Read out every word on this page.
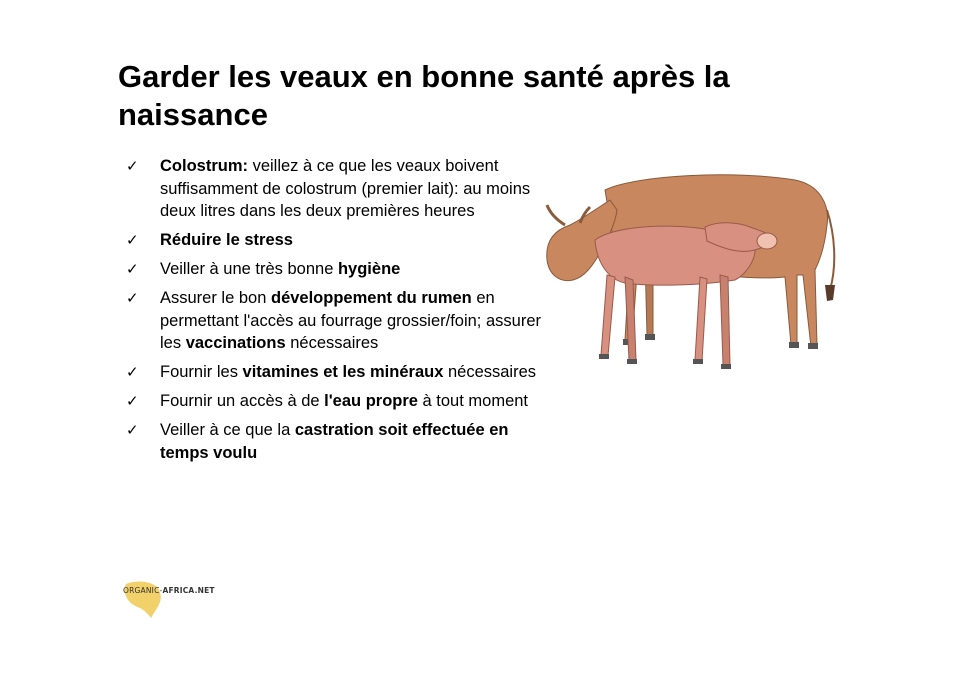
Garder les veaux en bonne santé après la naissance
✓ Colostrum: veillez à ce que les veaux boivent suffisamment de colostrum (premier lait): au moins deux litres dans les deux premières heures
✓ Réduire le stress
✓ Veiller à une très bonne hygiène
✓ Assurer le bon développement du rumen en permettant l'accès au fourrage grossier/foin; assurer les vaccinations nécessaires
✓ Fournir les vitamines et les minéraux nécessaires
✓ Fournir un accès à de l'eau propre à tout moment
✓ Veiller à ce que la castration soit effectuée en temps voulu
ORGANIC-AFRICA.NET
